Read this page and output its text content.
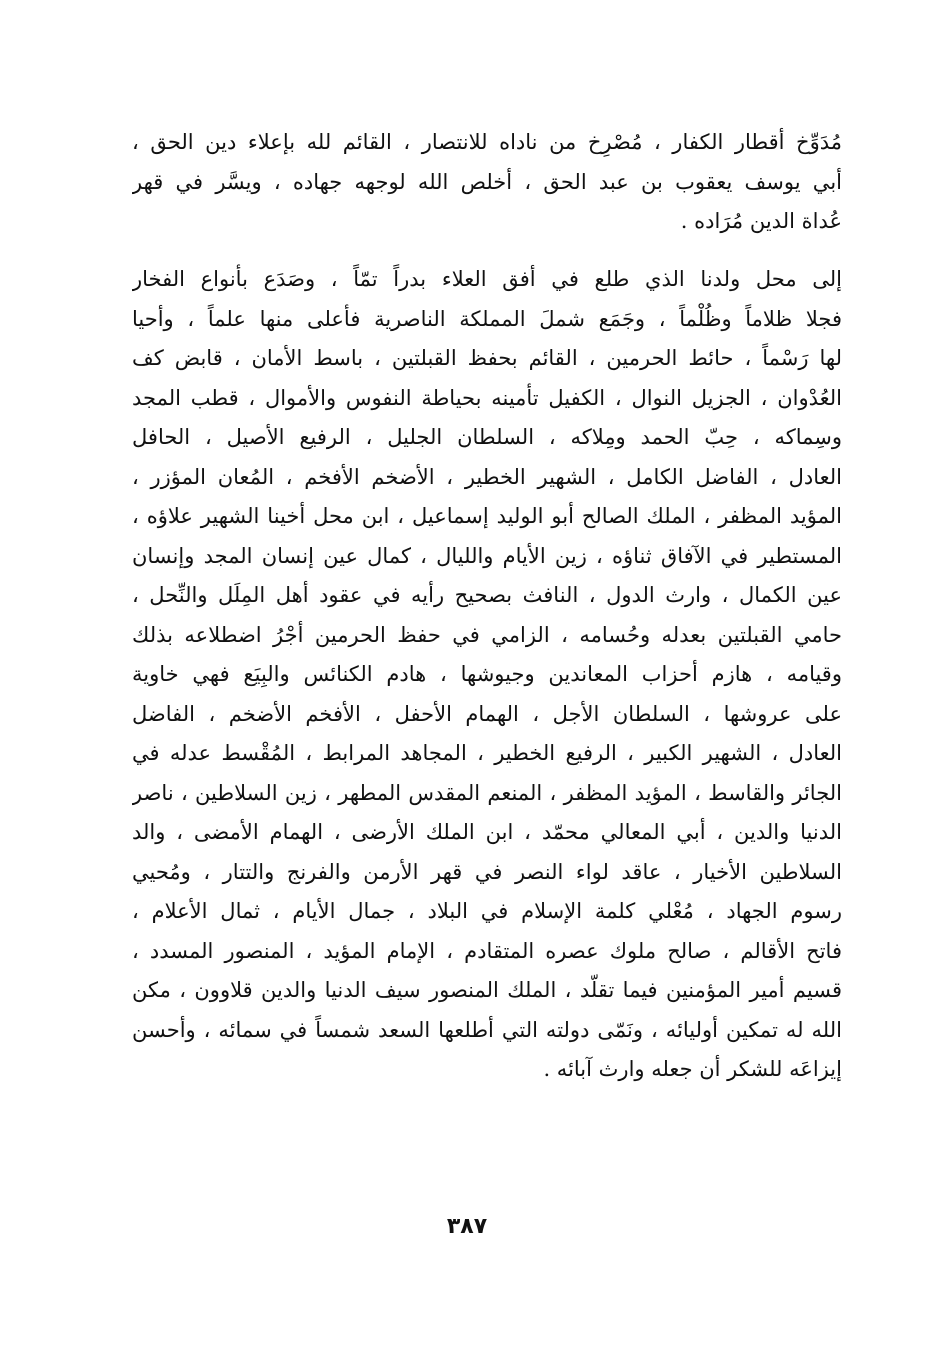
مُدَوِّخ أقطار الكفار ، مُصْرِخ من ناداه للانتصار ، القائم لله بإعلاء دين الحق ،
أبي يوسف يعقوب بن عبد الحق ، أخلص الله لوجهه جهاده ، ويسَّر في قهر
عُداة الدين مُرَاده .
إلى محل ولدنا الذي طلع في أفق العلاء بدراً تمّاً ، وصَدَع بأنواع الفخار
فجلا ظلاماً وظُلْماً ، وجَمَع شملَ المملكة الناصرية فأعلى منها علماً ، وأحيا
لها رَسْماً ، حائط الحرمين ، القائم بحفظ القبلتين ، باسط الأمان ، قابض كف
العُدْوان ، الجزيل النوال ، الكفيل تأمينه بحياطة النفوس والأموال ، قطب المجد
وسِماكه ، حِبّ الحمد ومِلاكه ، السلطان الجليل ، الرفيع الأصيل ، الحافل
العادل ، الفاضل الكامل ، الشهير الخطير ، الأضخم الأفخم ، المُعان المؤزر ،
المؤيد المظفر ، الملك الصالح أبو الوليد إسماعيل ، ابن محل أخينا الشهير علاؤه ،
المستطير في الآفاق ثناؤه ، زين الأيام والليال ، كمال عين إنسان المجد وإنسان
عين الكمال ، وارث الدول ، النافث بصحيح رأيه في عقود أهل المِلَل والنِّحل ،
حامي القبلتين بعدله وحُسامه ، الزامي في حفظ الحرمين أجْرُ اضطلاعه بذلك
وقيامه ، هازم أحزاب المعاندين وجيوشها ، هادم الكنائس والبِيَع فهي خاوية
على عروشها ، السلطان الأجل ، الهمام الأحفل ، الأفخم الأضخم ، الفاضل
العادل ، الشهير الكبير ، الرفيع الخطير ، المجاهد المرابط ، المُقْسط عدله في
الجائر والقاسط ، المؤيد المظفر ، المنعم المقدس المطهر ، زين السلاطين ، ناصر
الدنيا والدين ، أبي المعالي محمّد ، ابن الملك الأرضى ، الهمام الأمضى ، والد
السلاطين الأخيار ، عاقد لواء النصر في قهر الأرمن والفرنج والتتار ، ومُحيي
رسوم الجهاد ، مُعْلي كلمة الإسلام في البلاد ، جمال الأيام ، ثمال الأعلام ،
فاتح الأقالم ، صالح ملوك عصره المتقادم ، الإمام المؤيد ، المنصور المسدد ،
قسيم أمير المؤمنين فيما تقلّد ، الملك المنصور سيف الدنيا والدين قلاوون ، مكن
الله له تمكين أوليائه ، ونَمّى دولته التي أطلعها السعد شمساً في سمائه ، وأحسن
إيزاعَه للشكر أن جعله وارث آبائه .
٣٨٧
